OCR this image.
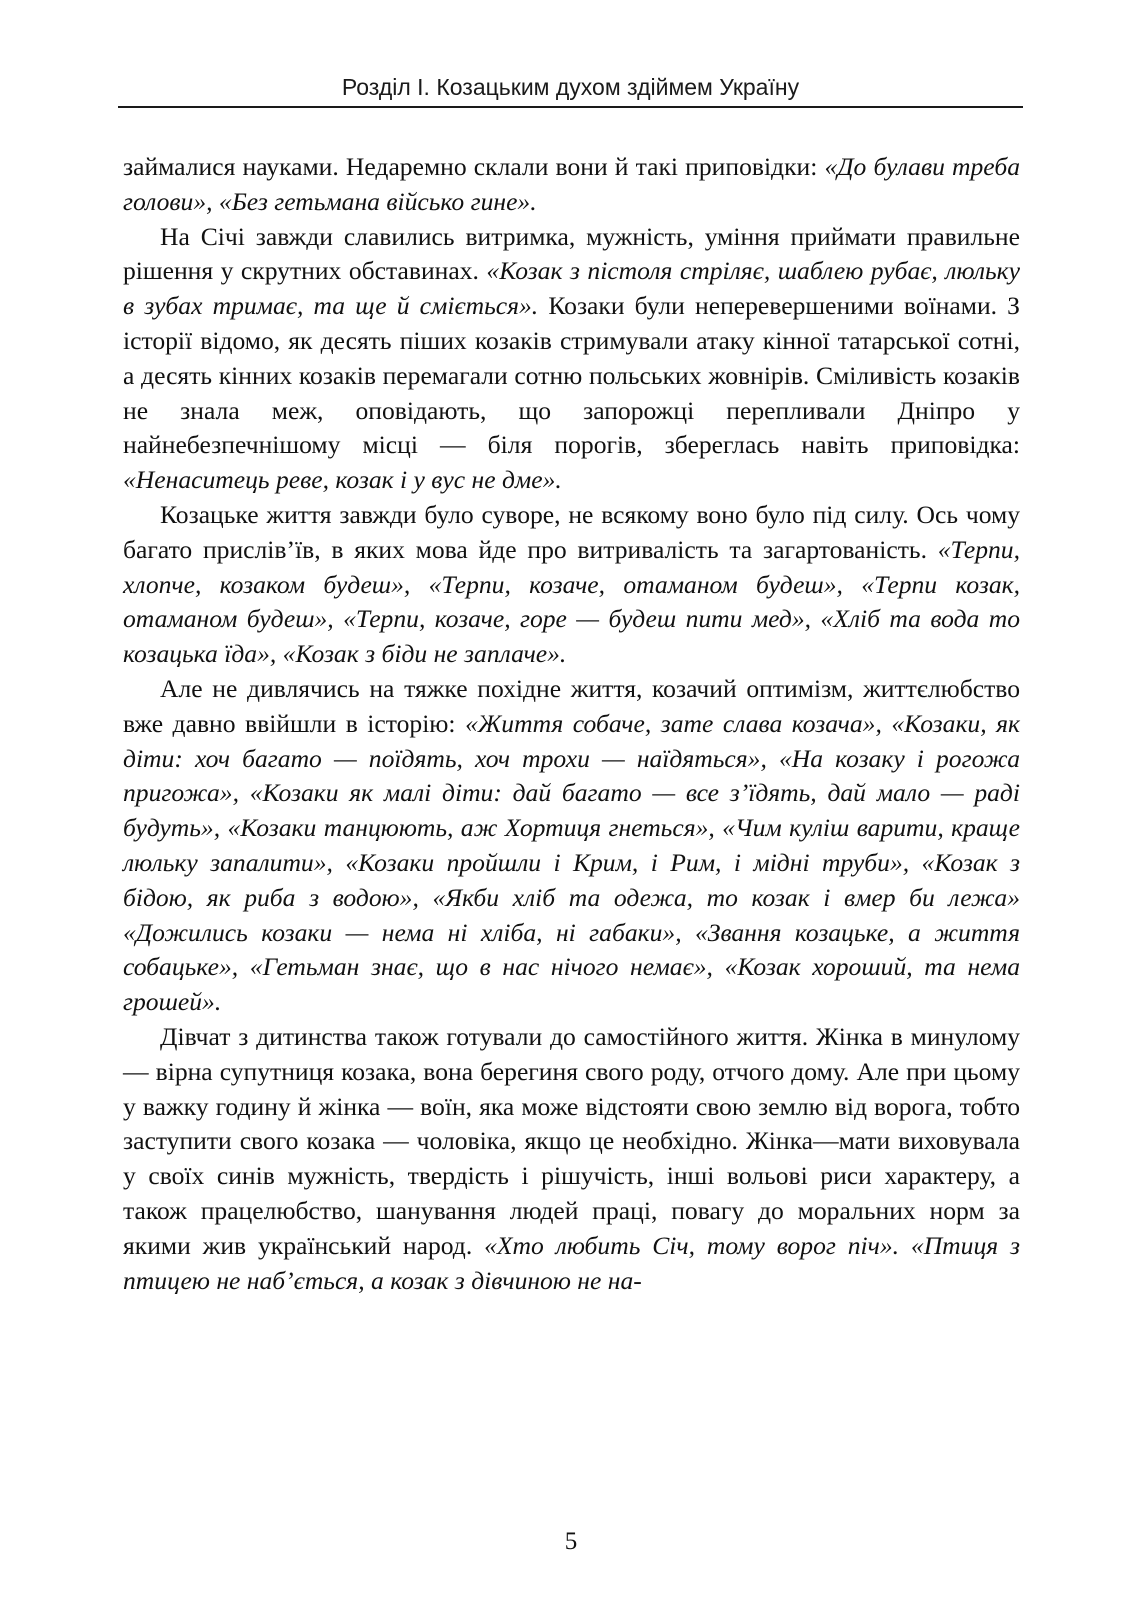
Розділ І. Козацьким духом здіймем Україну

займалися науками. Недаремно склали вони й такі приповідки: «До булави треба голови», «Без гетьмана військо гине».

На Січі завжди славились витримка, мужність, уміння приймати правильне рішення у скрутних обставинах. «Козак з пістоля стріляє, шаблею рубає, люльку в зубах тримає, та ще й сміється». Козаки були неперевершеними воїнами. З історії відомо, як десять піших козаків стримували атаку кінної татарської сотні, а десять кінних козаків перемагали сотню польських жовнірів. Сміливість козаків не знала меж, оповідають, що запорожці перепливали Дніпро у найнебезпечнішому місці — біля порогів, збереглась навіть приповідка: «Ненаситець реве, козак і у вус не дме».

Козацьке життя завжди було суворе, не всякому воно було під силу. Ось чому багато прислів’їв, в яких мова йде про витривалість та загартованість. «Терпи, хлопче, козаком будеш», «Терпи, козаче, отаманом будеш», «Терпи козак, отаманом будеш», «Терпи, козаче, горе — будеш пити мед», «Хліб та вода то козацька їда», «Козак з біди не заплаче».

Але не дивлячись на тяжке похідне життя, козачий оптимізм, життєлюбство вже давно ввійшли в історію: «Життя собаче, зате слава козача», «Козаки, як діти: хоч багато — поїдять, хоч трохи — наїдяться», «На козаку і рогожа пригожа», «Козаки як малі діти: дай багато — все з’їдять, дай мало — раді будуть», «Козаки танцюють, аж Хортиця гнеться», «Чим куліш варити, краще люльку запалити», «Козаки пройшли і Крим, і Рим, і мідні труби», «Козак з бідою, як риба з водою», «Якби хліб та одежа, то козак і вмер би лежа» «Дожились козаки — нема ні хліба, ні габаки», «Звання козацьке, а життя собацьке», «Гетьман знає, що в нас нічого немає», «Козак хороший, та нема грошей».

Дівчат з дитинства також готували до самостійного життя. Жінка в минулому — вірна супутниця козака, вона берегиня свого роду, отчого дому. Але при цьому у важку годину й жінка — воїн, яка може відстояти свою землю від ворога, тобто заступити свого козака — чоловіка, якщо це необхідно. Жінка—мати виховувала у своїх синів мужність, твердість і рішучість, інші вольові риси характеру, а також працелюбство, шанування людей праці, повагу до моральних норм за якими жив український народ. «Хто любить Січ, тому ворог піч». «Птиця з птицею не наб’ється, а козак з дівчиною не на-

5
